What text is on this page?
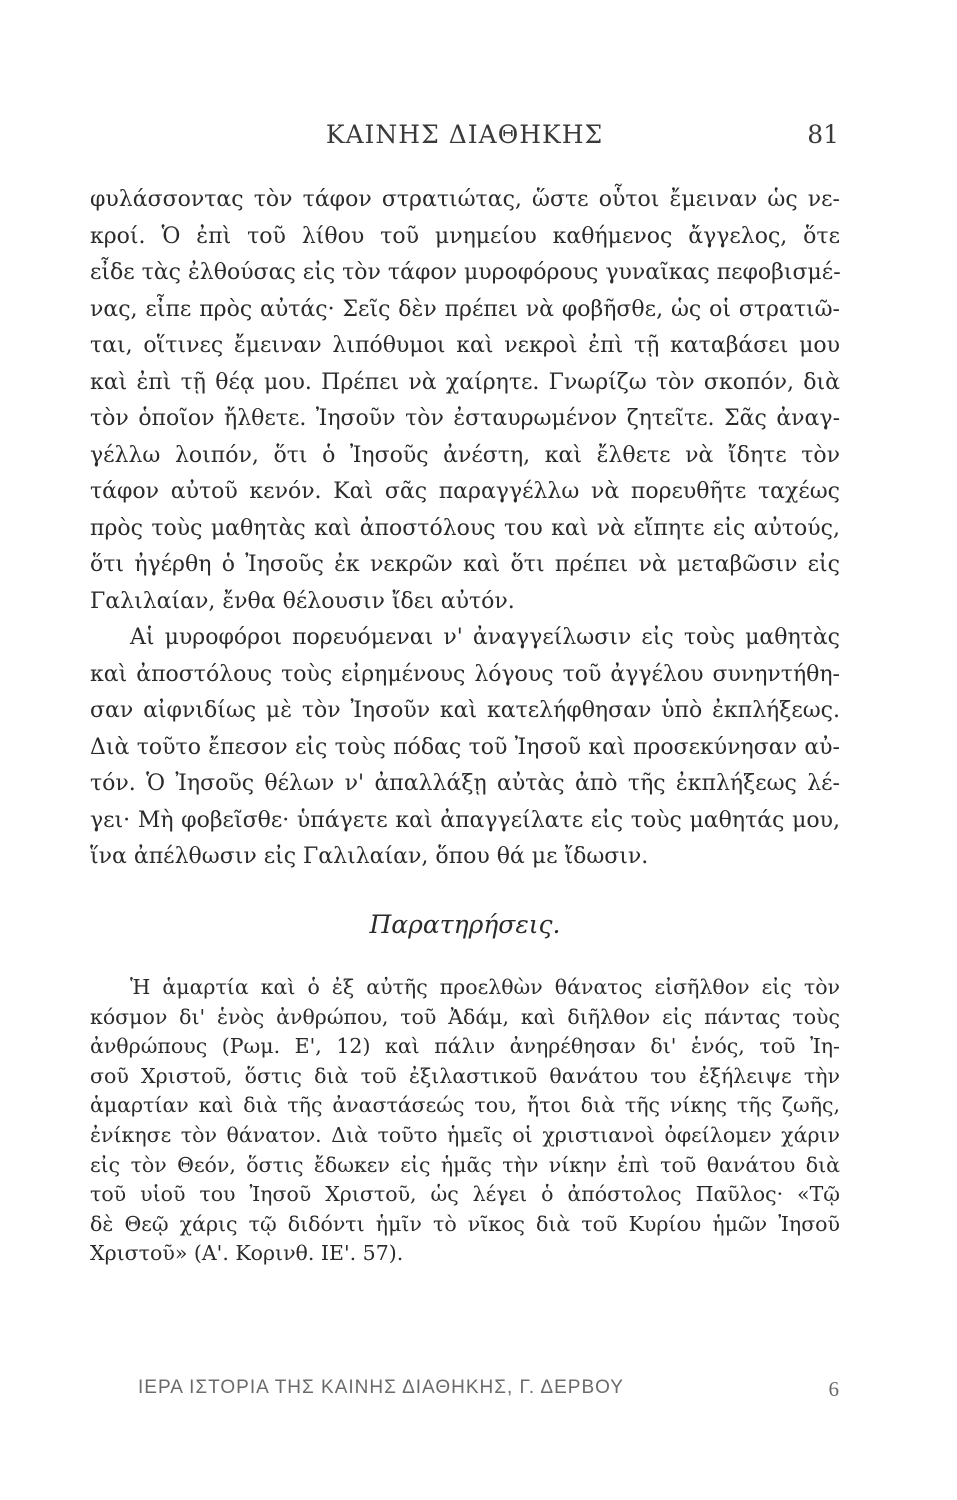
ΚΑΙΝΗΣ ΔΙΑΘΗΚΗΣ	81
φυλάσσοντας τὸν τάφον στρατιώτας, ὥστε οὗτοι ἔμειναν ὡς νε-
κροί. Ὁ ἐπὶ τοῦ λίθου τοῦ μνημείου καθήμενος ἄγγελος, ὅτε
εἶδε τὰς ἐλθούσας εἰς τὸν τάφον μυροφόρους γυναῖκας πεφοβισμέ-
νας, εἶπε πρὸς αὐτάς· Σεῖς δὲν πρέπει νὰ φοβῆσθε, ὡς οἱ στρατιῶ-
ται, οἵτινες ἔμειναν λιπόθυμοι καὶ νεκροὶ ἐπὶ τῇ καταβάσει μου
καὶ ἐπὶ τῇ θέᾳ μου. Πρέπει νὰ χαίρητε. Γνωρίζω τὸν σκοπόν, διὰ
τὸν ὁποῖον ἤλθετε. Ἰησοῦν τὸν ἐσταυρωμένον ζητεῖτε. Σᾶς ἀναγ-
γέλλω λοιπόν, ὅτι ὁ Ἰησοῦς ἀνέστη, καὶ ἔλθετε νὰ ἴδητε τὸν
τάφον αὐτοῦ κενόν. Καὶ σᾶς παραγγέλλω νὰ πορευθῆτε ταχέως
πρὸς τοὺς μαθητὰς καὶ ἀποστόλους του καὶ νὰ εἴπητε εἰς αὐτούς,
ὅτι ἠγέρθη ὁ Ἰησοῦς ἐκ νεκρῶν καὶ ὅτι πρέπει νὰ μεταβῶσιν εἰς
Γαλιλαίαν, ἔνθα θέλουσιν ἴδει αὐτόν.
Αἱ μυροφόροι πορευόμεναι ν' ἀναγγείλωσιν εἰς τοὺς μαθητὰς
καὶ ἀποστόλους τοὺς εἰρημένους λόγους τοῦ ἀγγέλου συνηντήθη-
σαν αἰφνιδίως μὲ τὸν Ἰησοῦν καὶ κατελήφθησαν ὑπὸ ἐκπλήξεως.
Διὰ τοῦτο ἔπεσον εἰς τοὺς πόδας τοῦ Ἰησοῦ καὶ προσεκύνησαν αὐ-
τόν. Ὁ Ἰησοῦς θέλων ν' ἀπαλλάξῃ αὐτὰς ἀπὸ τῆς ἐκπλήξεως λέ-
γει· Μὴ φοβεῖσθε· ὑπάγετε καὶ ἀπαγγείλατε εἰς τοὺς μαθητάς μου,
ἵνα ἀπέλθωσιν εἰς Γαλιλαίαν, ὅπου θά με ἴδωσιν.
Παρατηρήσεις.
Ἡ ἁμαρτία καὶ ὁ ἐξ αὐτῆς προελθὼν θάνατος εἰσῆλθον εἰς τὸν
κόσμον δι' ἑνὸς ἀνθρώπου, τοῦ Ἀδάμ, καὶ διῆλθον εἰς πάντας τοὺς
ἀνθρώπους (Ρωμ. Ε', 12) καὶ πάλιν ἀνηρέθησαν δι' ἑνός, τοῦ Ἰη-
σοῦ Χριστοῦ, ὅστις διὰ τοῦ ἐξιλαστικοῦ θανάτου του ἐξήλειψε τὴν
ἁμαρτίαν καὶ διὰ τῆς ἀναστάσεώς του, ἤτοι διὰ τῆς νίκης τῆς ζωῆς,
ἐνίκησε τὸν θάνατον. Διὰ τοῦτο ἡμεῖς οἱ χριστιανοὶ ὀφείλομεν χάριν
εἰς τὸν Θεόν, ὅστις ἔδωκεν εἰς ἡμᾶς τὴν νίκην ἐπὶ τοῦ θανάτου διὰ
τοῦ υἱοῦ του Ἰησοῦ Χριστοῦ, ὡς λέγει ὁ ἀπόστολος Παῦλος· «Τῷ
δὲ Θεῷ χάρις τῷ διδόντι ἡμῖν τὸ νῖκος διὰ τοῦ Κυρίου ἡμῶν Ἰησοῦ
Χριστοῦ» (Α'. Κορινθ. ΙΕ'. 57).
ΙΕΡΑ ΙΣΤΟΡΙΑ ΤΗΣ ΚΑΙΝΗΣ ΔΙΑΘΗΚΗΣ, Γ. ΔΕΡΒΟΥ	6
